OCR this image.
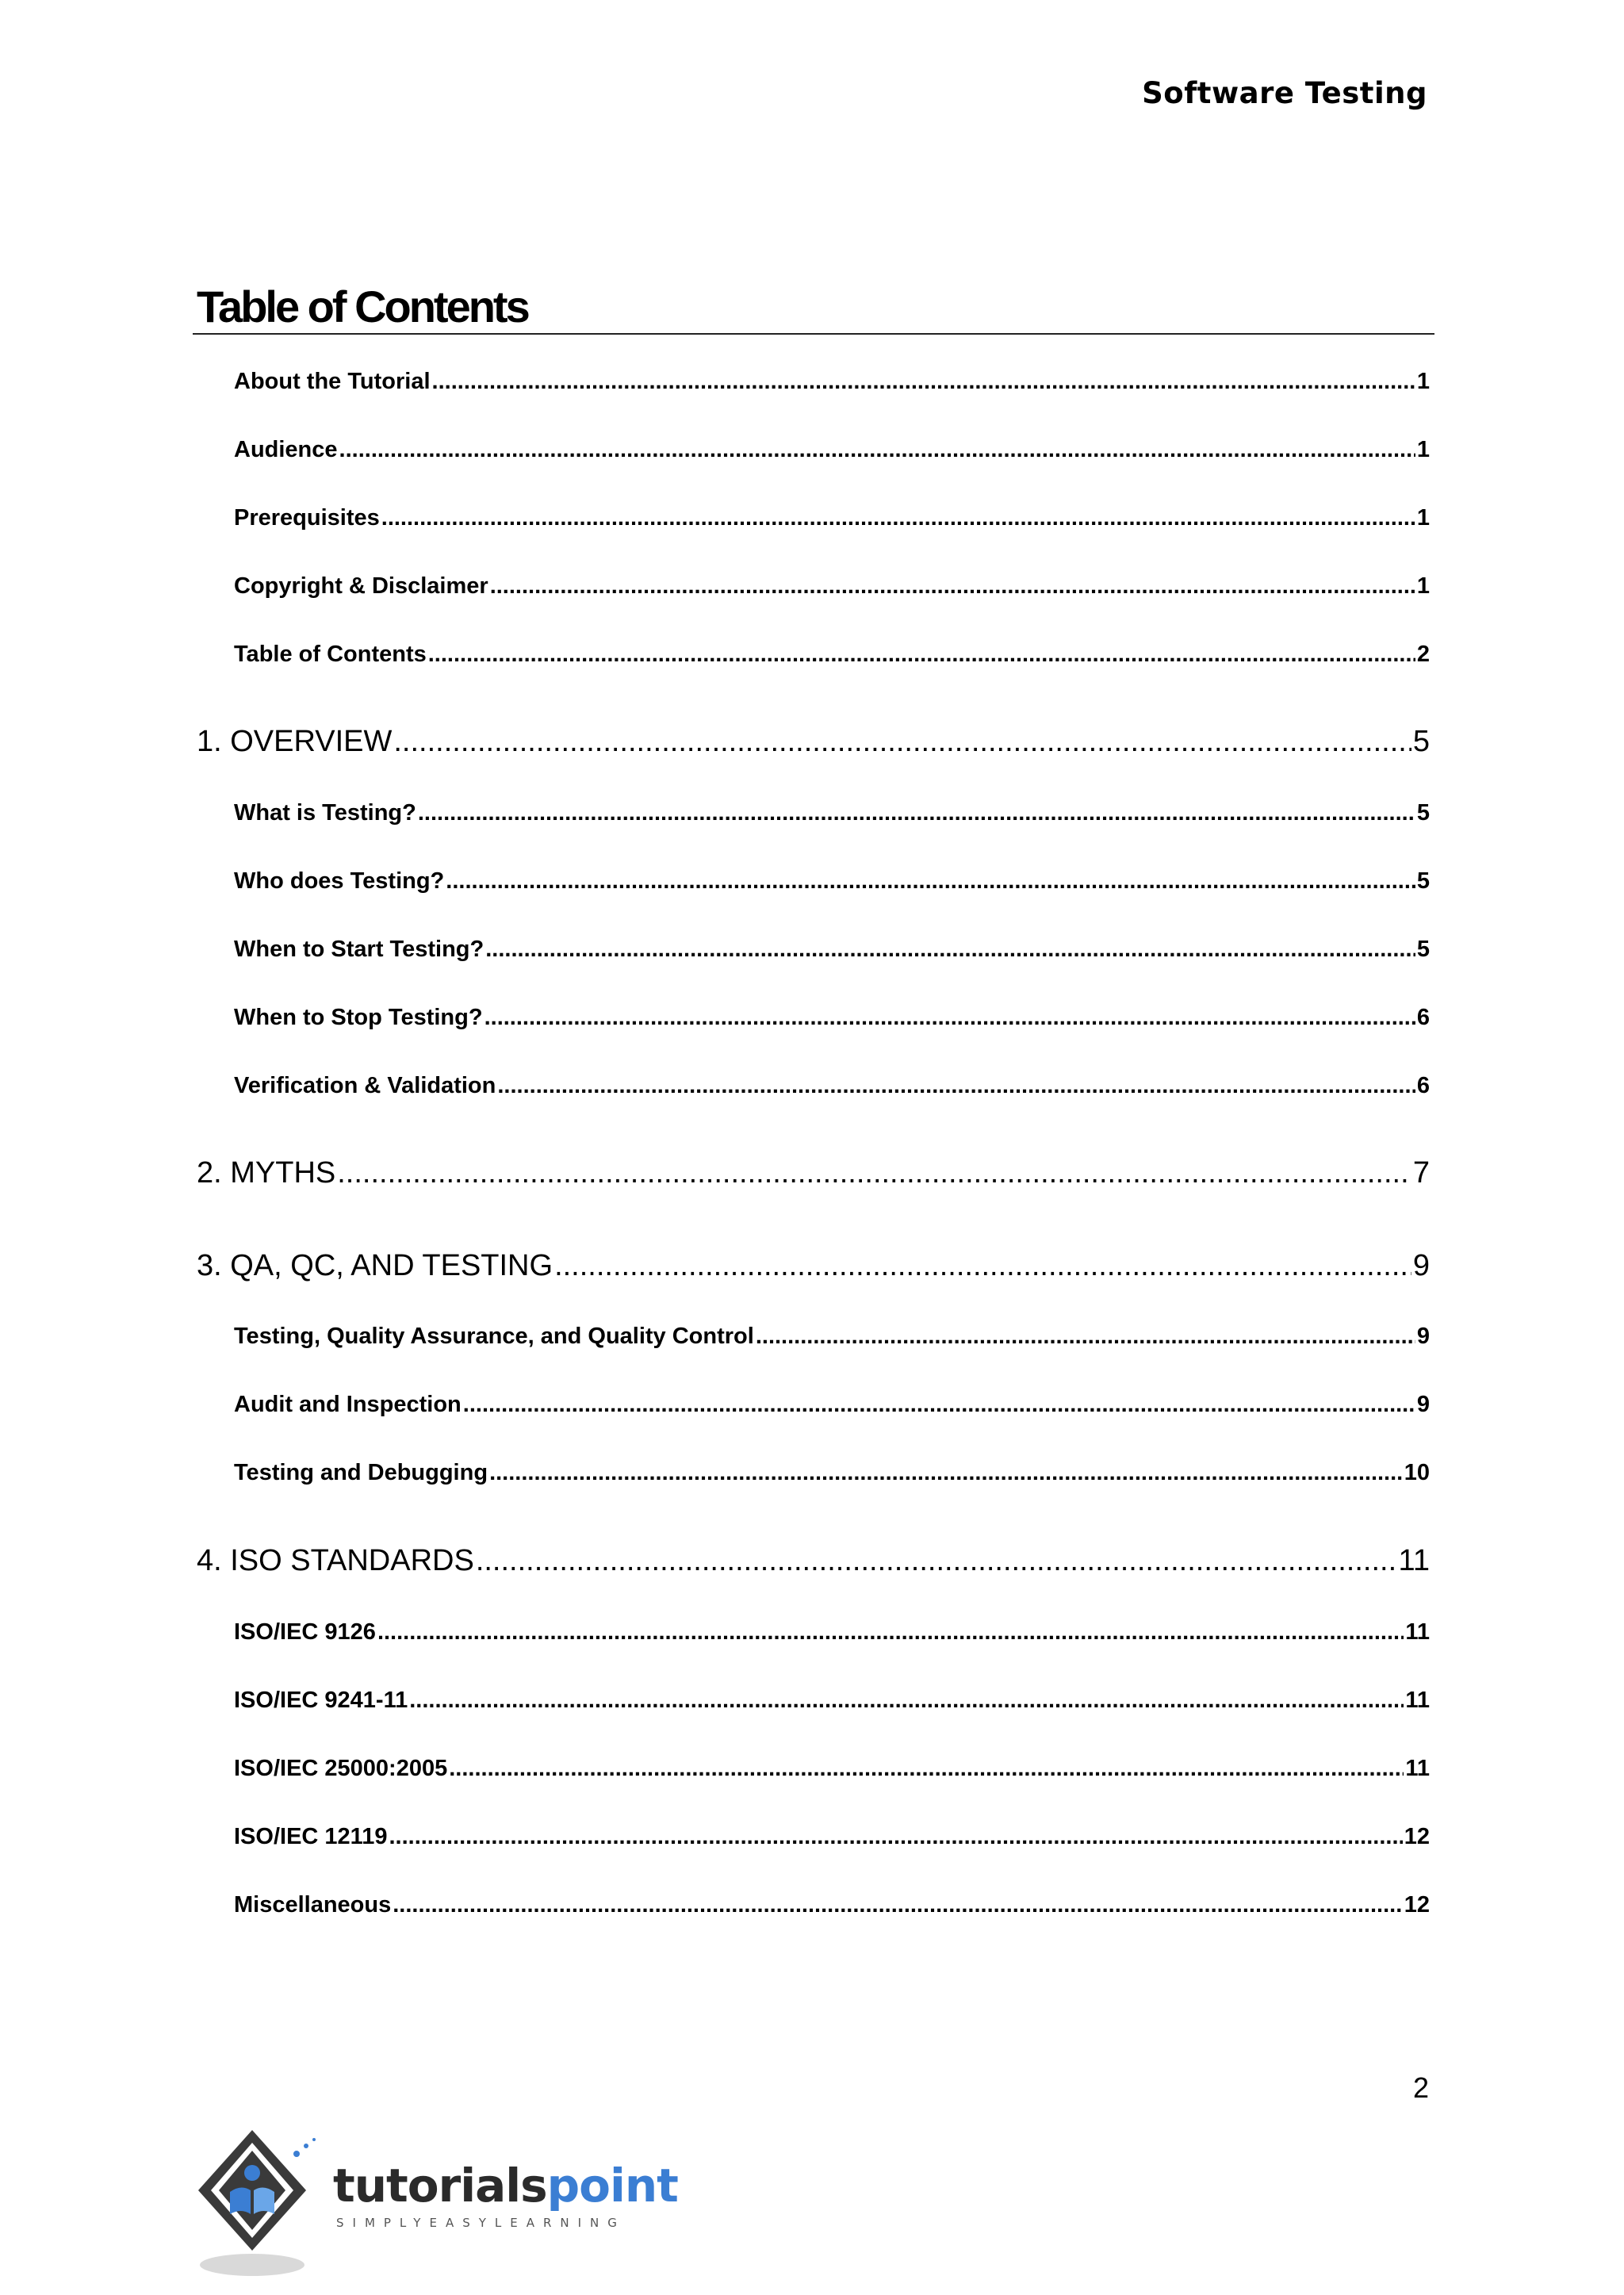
Software Testing
Table of Contents
About the Tutorial .....	1
Audience .....	1
Prerequisites .....	1
Copyright & Disclaimer .....	1
Table of Contents .....	2
1. OVERVIEW .....	5
What is Testing? .....	5
Who does Testing? .....	5
When to Start Testing? .....	5
When to Stop Testing? .....	6
Verification & Validation .....	6
2. MYTHS .....	7
3. QA, QC, AND TESTING .....	9
Testing, Quality Assurance, and Quality Control .....	9
Audit and Inspection .....	9
Testing and Debugging .....	10
4. ISO STANDARDS .....	11
ISO/IEC 9126 .....	11
ISO/IEC 9241-11 .....	11
ISO/IEC 25000:2005 .....	11
ISO/IEC 12119 .....	12
Miscellaneous .....	12
2
tutorialspoint
SIMPLYEASYLEARNING
